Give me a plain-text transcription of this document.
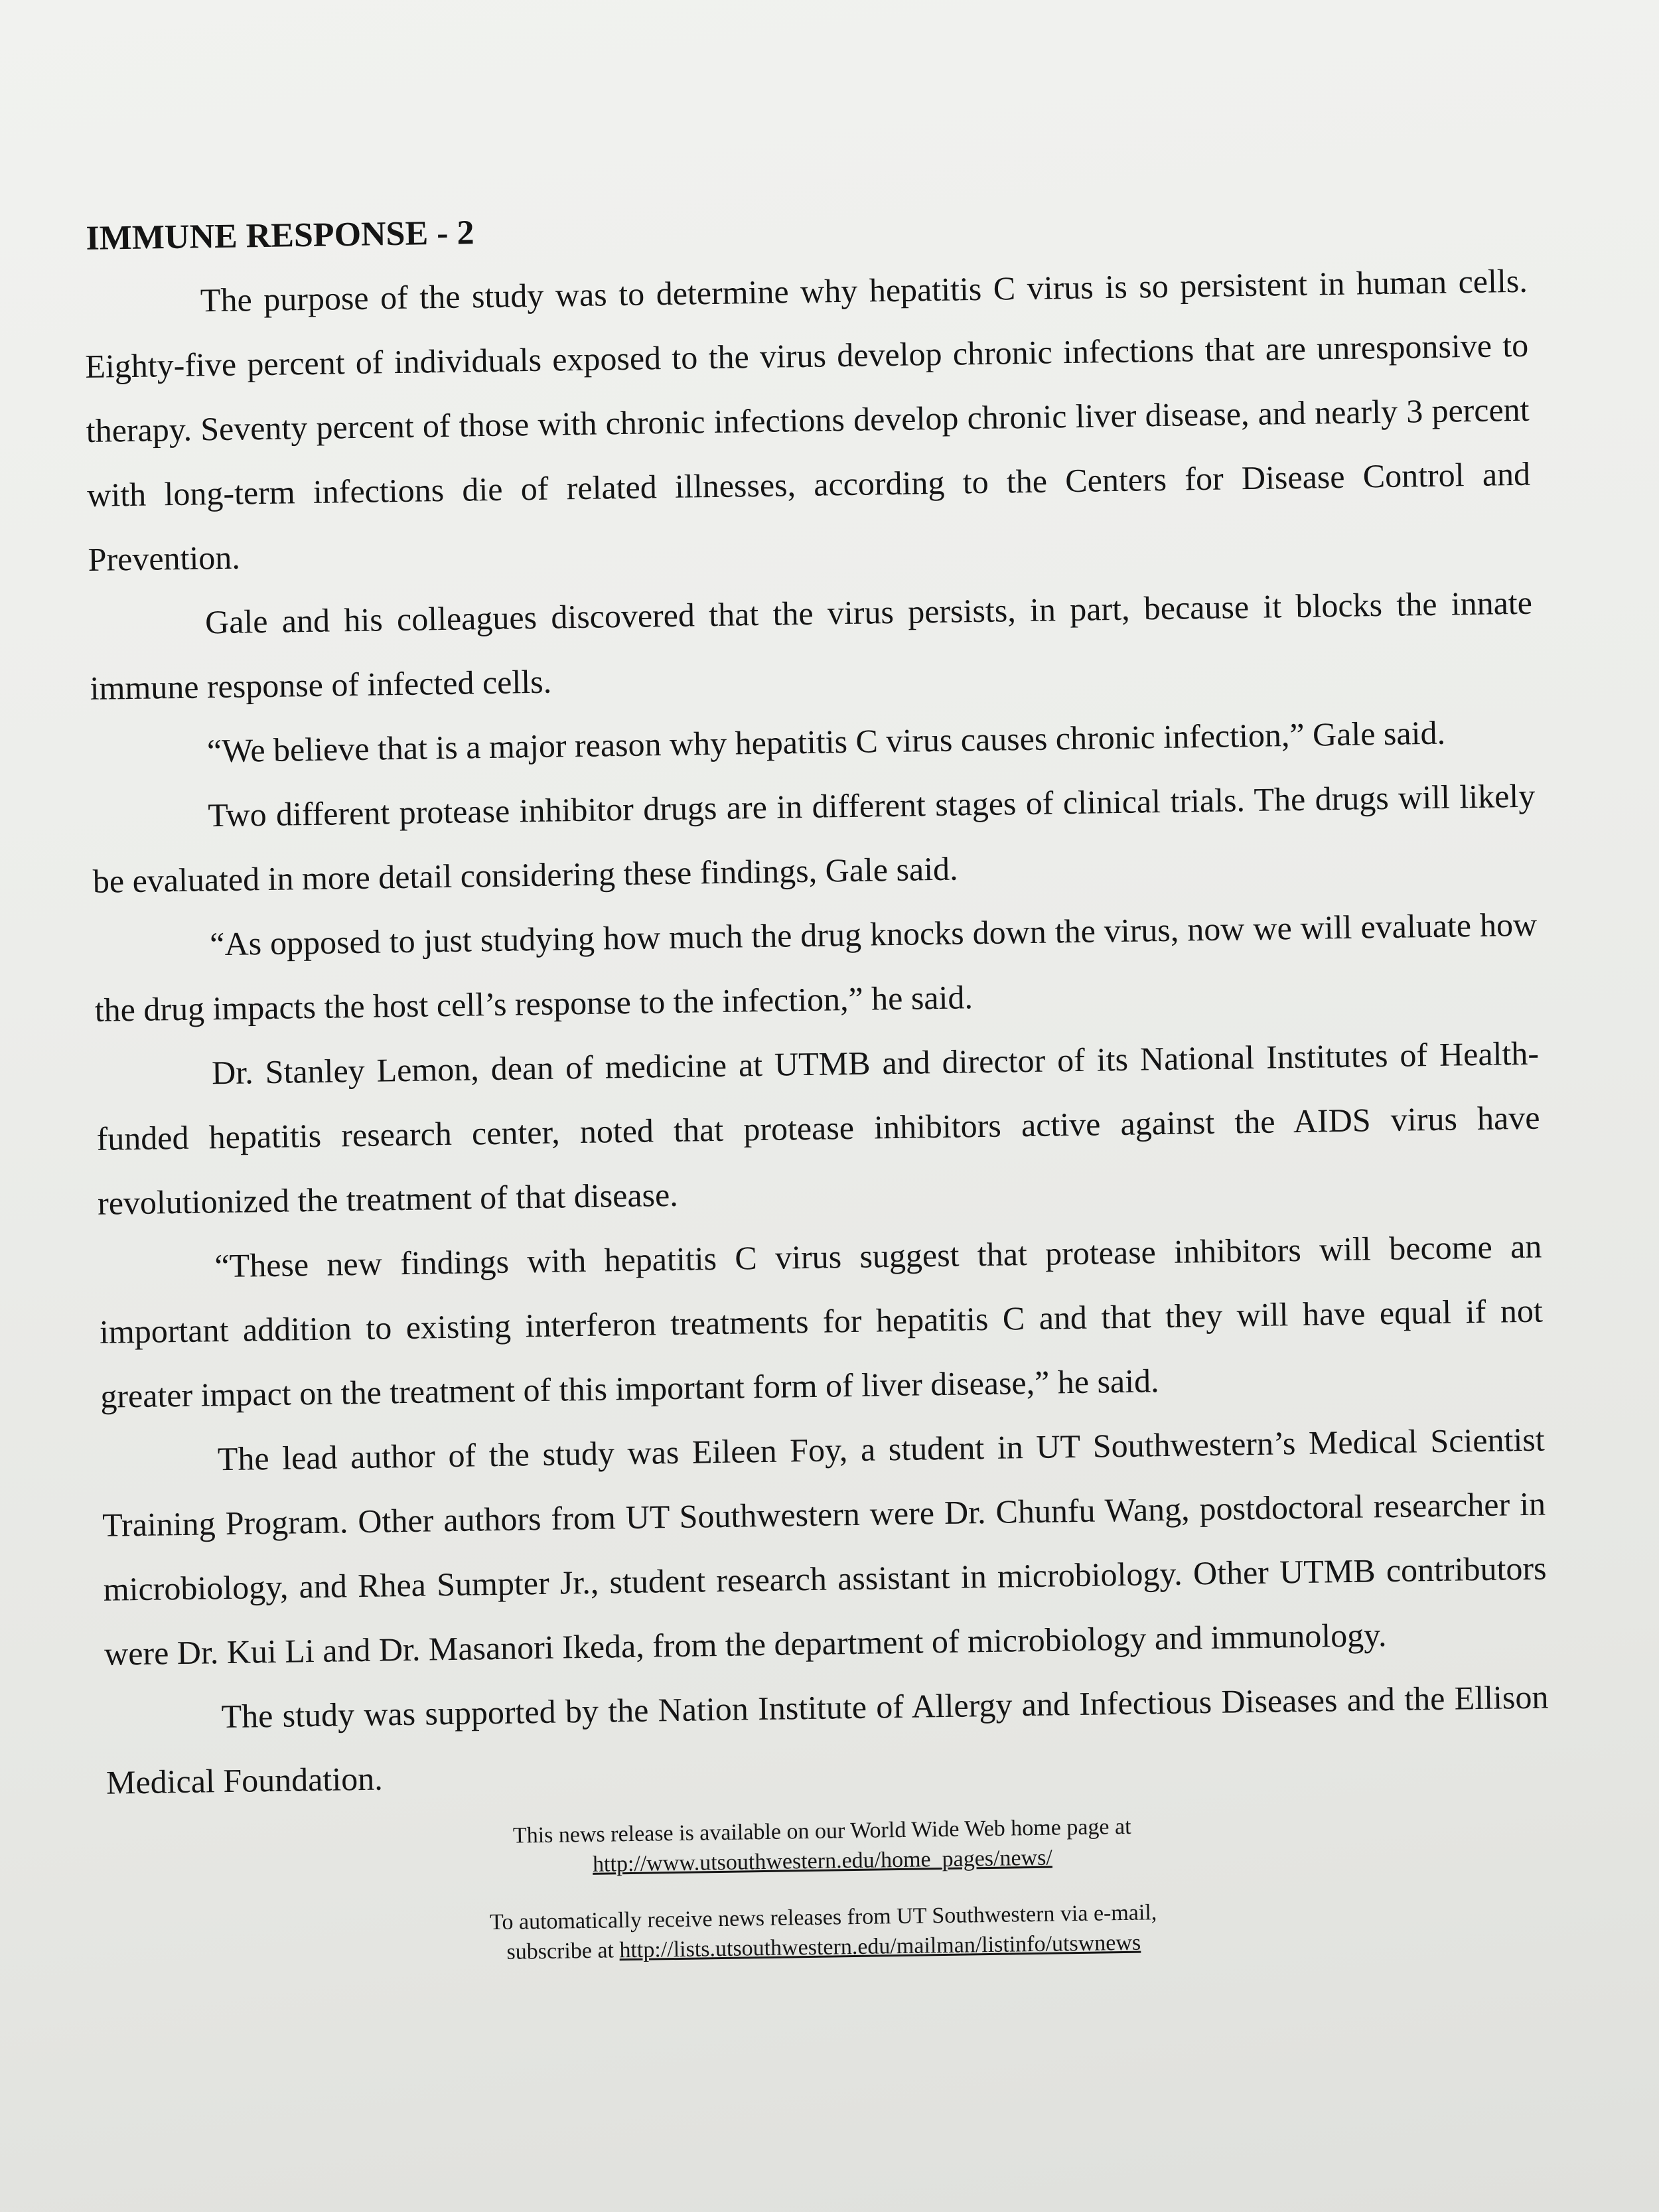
IMMUNE RESPONSE - 2

The purpose of the study was to determine why hepatitis C virus is so persistent in human cells. Eighty-five percent of individuals exposed to the virus develop chronic infections that are unresponsive to therapy. Seventy percent of those with chronic infections develop chronic liver disease, and nearly 3 percent with long-term infections die of related illnesses, according to the Centers for Disease Control and Prevention.

Gale and his colleagues discovered that the virus persists, in part, because it blocks the innate immune response of infected cells.

“We believe that is a major reason why hepatitis C virus causes chronic infection,” Gale said.

Two different protease inhibitor drugs are in different stages of clinical trials. The drugs will likely be evaluated in more detail considering these findings, Gale said.

“As opposed to just studying how much the drug knocks down the virus, now we will evaluate how the drug impacts the host cell’s response to the infection,” he said.

Dr. Stanley Lemon, dean of medicine at UTMB and director of its National Institutes of Health-funded hepatitis research center, noted that protease inhibitors active against the AIDS virus have revolutionized the treatment of that disease.

“These new findings with hepatitis C virus suggest that protease inhibitors will become an important addition to existing interferon treatments for hepatitis C and that they will have equal if not greater impact on the treatment of this important form of liver disease,” he said.

The lead author of the study was Eileen Foy, a student in UT Southwestern’s Medical Scientist Training Program. Other authors from UT Southwestern were Dr. Chunfu Wang, postdoctoral researcher in microbiology, and Rhea Sumpter Jr., student research assistant in microbiology. Other UTMB contributors were Dr. Kui Li and Dr. Masanori Ikeda, from the department of microbiology and immunology.

The study was supported by the Nation Institute of Allergy and Infectious Diseases and the Ellison Medical Foundation.

This news release is available on our World Wide Web home page at
http://www.utsouthwestern.edu/home_pages/news/
To automatically receive news releases from UT Southwestern via e-mail,
subscribe at http://lists.utsouthwestern.edu/mailman/listinfo/utswnews
